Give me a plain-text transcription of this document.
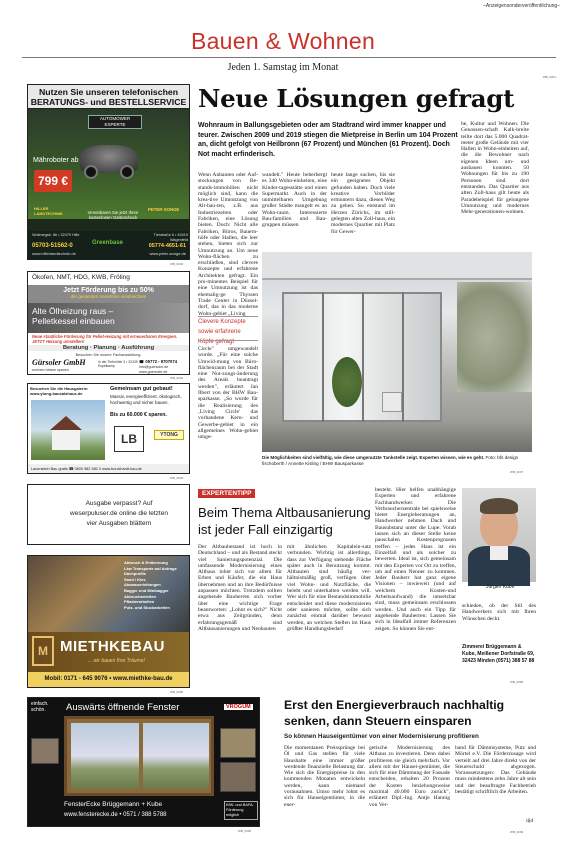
–Anzeigensonderveröffentlichung–
Bauen & Wohnen
Jeden 1. Samstag im Monat
WB_0001
Nutzen Sie unseren telefonischen BERATUNGS- und BESTELLSERVICE
AUTOMOWER EXPERTE
Mähroboter ab
799 €
HILLER LANDTECHNIK
PETER-SONGE
Vereinbaren Sie jetzt Ihren kostenlosen Gartencheck
Wollmegstr. 66 • 32479 Hille
05703-51562-0
www.hillerlandtechnik.de
Greenbase
Tierstraße 6 • 49419 Wagenfeld
05774-4651-61
www.peter-songe.de
WB_0002
Ökofen, NMT, HDG, KWB, Fröling
Jetzt Förderung bis zu 50%
der gesamten Investition einstreichen!
Alte Ölheizung raus –
Pelletkessel einbauen
Neue staatliche Förderung für Pellet-Heizung mit erneuerbaren Energien. JETZT Heizung umstellen!
Beratung · Planung · Ausführung
Besuchen Sie unsere Fachausstellung.
Gürsoler GmbH
wohnen heisse spanen
In der Tiefmühle 3 • 32339 Espelkamp
☎ 05772 - 9707074
info@guersoler.de
www.guersoler.de
WB_0003
Besuchen Sie die Hausgalerie: www.ytong-bausatzhaus.de
Gemeinsam gut gebaut!
Massiv, energieeffizient, ökologisch, hochwertig und sicher bauen.
Bis zu 60.000 € sparen.
LB	YTONG
Lauenstein Bau gratis ☎ 0800 982 982 0 www.burckhardt-bau.de
WB_0004
Ausgabe verpasst? Auf weserpuluser.de online die letzten vier Ausgaben blättern
Abbruch & Entkernung
Lkw Transporte auf Anfrage
Dachprofile
Sand / Kies
Abwasserleitungen
Bagger und Minibagger
Abbrucharbeiten
Pflasterarbeiten
Putz- und Stuckarbeiten
M MIETHKEBAU
... wir bauen Ihre Träume!
Mobil: 0171 - 645 9076 • www.miethke-bau.de
WB_0005
einfach. schön.	Auswärts öffnende Fenster	VROGUM
FensterEcke Brüggemann + Kube
www.fensterecke.de • 0571 / 388 5788
KfW- und BAFA-Förderung möglich
WB_0006
Neue Lösungen gefragt
Wohnraum in Ballungsgebieten oder am Stadtrand wird immer knapper und teurer. Zwischen 2009 und 2019 stiegen die Mietpreise in Berlin um 104 Prozent an, dicht gefolgt von Heilbronn (67 Prozent) und München (61 Prozent). Doch Not macht erfinderisch.
Wenn Anbauten oder Auf-stockungen von Be-stands-immobilien nicht möglich sind, kann die krea-tive Umnutzung von Alt-bau-ten, z.B. aus Industriezeiten oder Fabriken, eine Lösung bieten. Doch: Nicht alle Fabriken, Büros, Bauern-höfe oder Hallen, die leer stehen, bieten sich zur Umnutzung an. Um neue Wohn-flächen zu erschließen, sind clevere Konzepte und erfahrene Architekten gefragt. Ein pro-minentes Beispiel für eine Umnutzung ist das ehemalig-ge Thyssen Trade Center in Düssel-dorf, das in das moderne Wohn-gebiet „Living
Clevere Konzepte sowie erfahrene Köpfe gefragt
Circle" umgewandelt wurde. „Für eine solche Umwid-mung von Büro-flächenraum bei der Stadt eine Nut-zungs-änderung des Areals beantragt werden", erläutert Jan Ilbert von der BHW Bau-sparkasse. „So wurde für die Realisierung des ‚Living Circle' das vorhandene Kern- und Gewerbe-gebiet in ein allgemeines Wohn-gebiet umge-
wandelt." Heute beherbergt es 340 Wohn-einheiten, eine Kinder-tagesstätte und einen Supermarkt. Auch in der unmittelbaren Umgebung großer Städte mangelt es an Wohn-raum. Interessierte Bau-familien und Bau-gruppen müssen
heute lange suchen, bis sie ein geeignetes Objekt gefunden haben. Doch viele kreative Vorbilder ermuntern dazu, diesen Weg zu gehen. So entstand im Herzen Zürichs, im still-gelegten alten Zoll-haus, ein modernes Quartier mit Platz für Gewer-
be, Kultur und Wohnen. Die Genossen-schaft Kalk-breite teilte dort das 5.000 Quadrat-meter große Gelände mit vier Hallen in Wohn-einheiten auf, die die Bewohner nach eigenen Ideen um- und ausbauen konnten. 50 Wohnungen für bis zu 190 Personen sind dort entstanden. Das Quartier aus alten Zoll-haus gilt heute als Paradebeispiel für gelungene Umnutzung und modernes Mehr-generationen-wohnen.
Die Möglichkeiten sind vielfältig, wie diese umgenutzte Tankstelle zeigt. Experten wissen, wie es geht. Foto: bfs design fischoberth / Annette Kisling / BHW Bausparkasse
WB_0007
EXPERTENTIPP
Beim Thema Altbausanierung ist jeder Fall einzigartig
Der Altbaubestand ist hoch in Deutschland – und als Bestand steckt viel Sanierungspotenzial. Die umfassende Modernisierung eines Altbaus lohnt sich vor allem für Erben und Käufer, die ein Haus übernehmen und an ihre Bedürfnisse anpassen möchten. Trotzdem sollten angehende Bauherren sich vorher über eine wichtige Frage beantworten: „Lohnt es sich?" Nicht etwa aus Zeitgründen, denn erfahrungsgemäß sind Altbausanierungen und Neubauten
mit ähnlichen Kapitalein-satz verbunden. Wichtig ist allerdings, dass zur Verfügung stehende Fläche später auch in Benutzung kommt. Altbauten sind häufig ver-hältnismäßig groß, verfügen über viel Wohn- und Nutzfläche, die belebt und unterhalten werden will. Wer sich für eine Bestandsimmobilie entscheidet und diese modernisieren oder sanieren möchte, sollte sich zunächst einmal darüber bewusst werden, an welchen Stellen im Haus größter Handlungsbedarf
besteht. Hier helfen unabhängige Experten und erfahrene Fachhandwerker. Die Verbraucherzentrale bei spielsweise bietet Energieberatungen an, Handwerker nehmen Dach und Bausubstanz unter die Lupe. Vorab lassen sich an dieser Stelle keine pauschalen Kostenprognosen treffen – jedes Haus ist ein Einzelfall und als solcher zu bewerten. Ideal ist, sich gemeinsam mit den Experten vor Ort zu treffen, um auf einen Nenner zu kommen. Jeder Bauherr hat ganz eigene Visionen – inwieweit (und auf welchem Kosten-und Arbeitsaufwand) die umsetzbar sind, muss gemeinsam erschlossen werden. Und auch ein Tipp für angehende Bauherren: Lassen Sie sich in Idealfall immer Referenzen zeigen. So können Sie ent-
Jürgen Kube
schieden, ob der Stil des Handwerkers sich mit Ihren Wünschen deckt.
Zimmerei Brüggemann & Kube, Meißener Dorfstraße 69, 32423 Minden (0571) 388 57 88
WB_0008
Erst den Energieverbrauch nachhaltig senken, dann Steuern einsparen
So können Hauseigentümer von einer Modernisierung profitieren
Die momentanen Preissprünge bei Öl und Gas stellen für viele Haushalte eine immer größer werdende finanzielle Belastung dar. Wie sich die Energiepreise in den kommenden Monaten entwickeln werden, kann niemand vorausahnen. Umso mehr lohnt es sich für Hauseigentümer, in die ener-
getische Modernisierung des Altbaus zu investieren. Denn dabei profitieren sie gleich mehrfach. Vor allem mit der Hausei-gentümer, die sich für eine Dämmung der Fassade entscheiden, erhalten 20 Prozent der Kosten beziehungsweise maximal 40.000 Euro zurück", erläutert Dipl.-Ing. Antje Hannig von Ver-
band für Dämmsysteme, Putz und Mörtel e.V. Die Förderzusage wird verteilt auf drei Jahre direkt von der Steuerschuld abgezogen. Voraussetzungen: Das Gebäude muss mindestens zehn Jahre alt sein und der beauftragte Fachbetrieb bestätigt schriftlich die Arbeiten.
djd
WB_0009
